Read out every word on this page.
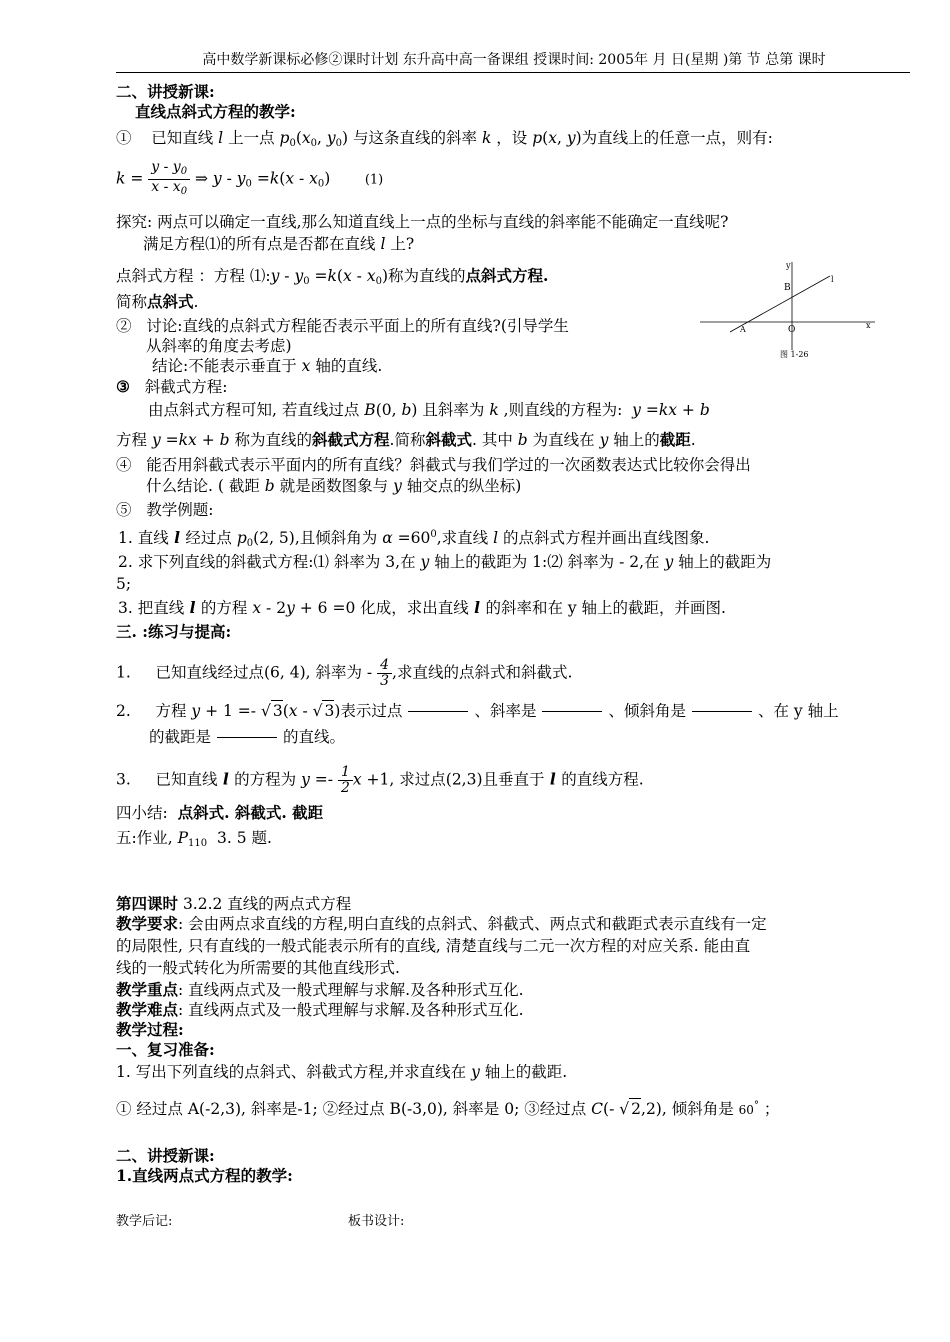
高中数学新课标必修②课时计划 东升高中高一备课组 授课时间: 2005年 月 日(星期 )第 节 总第 课时
二、讲授新课:
直线点斜式方程的教学:
① 已知直线 l 上一点 $p_0(x_0$, $y_0$) 与这条直线的斜率 k ，设 p(x, y)为直线上的任意一点，则有:
$k = \frac{y - y_0}{x - x_0}$ ⇒ $y - y_0 =k(x - x_0)$       (1)
探究: 两点可以确定一直线,那么知道直线上一点的坐标与直线的斜率能不能确定一直线呢?
满足方程⑴的所有点是否都在直线 l 上?
点斜式方程 ：方程 ⑴:y - $y_0 =k(x - x_0)$称为直线的点斜式方程.
简称点斜式.
y
B
l
A	O	x
图 1-26
② 讨论:直线的点斜式方程能否表示平面上的所有直线?(引导学生
从斜率的角度去考虑)
结论:不能表示垂直于 x 轴的直线.
③ 斜截式方程:
由点斜式方程可知, 若直线过点 B(0, b) 且斜率为 k ,则直线的方程为: y =kx + b
方程 y =kx + b 称为直线的斜截式方程.简称斜截式. 其中 b 为直线在 y 轴上的截距.
④ 能否用斜截式表示平面内的所有直线？斜截式与我们学过的一次函数表达式比较你会得出
什么结论. ( 截距 b 就是函数图象与 y 轴交点的纵坐标)
⑤ 教学例题:
1. 直线 l 经过点 $p_0(2$, 5),且倾斜角为 $\alpha =60^0$,求直线 l 的点斜式方程并画出直线图象.
2. 求下列直线的斜截式方程:⑴ 斜率为 3,在 y 轴上的截距为 1:⑵ 斜率为 - 2,在 y 轴上的截距为
5;
3. 把直线 l 的方程 x - 2y + 6 =0 化成，求出直线 l 的斜率和在 y 轴上的截距，并画图.
三. :练习与提高:
1.     已知直线经过点(6, 4), 斜率为 - $\frac{4}{3}$ ,求直线的点斜式和斜截式.
2.     方程 y + 1 =- √ 3(x - √ 3)表示过点	、斜率是	、倾斜角是	、在 y 轴上
的截距是	的直线。
3.     已知直线 l 的方程为 $y =- \frac{1}{2}$ x +1, 求过点(2,3)且垂直于 l 的直线方程.
四小结: 点斜式. 斜截式. 截距
五:作业, $P_{110}$ 3. 5 题.
第四课时 3.2.2 直线的两点式方程
教学要求: 会由两点求直线的方程,明白直线的点斜式、斜截式、两点式和截距式表示直线有一定
的局限性, 只有直线的一般式能表示所有的直线, 清楚直线与二元一次方程的对应关系. 能由直
线的一般式转化为所需要的其他直线形式.
教学重点: 直线两点式及一般式理解与求解.及各种形式互化.
教学难点: 直线两点式及一般式理解与求解.及各种形式互化.
教学过程:
一、复习准备:
1. 写出下列直线的点斜式、斜截式方程,并求直线在 y 轴上的截距.
① 经过点 A(-2,3), 斜率是-1; ②经过点 B(-3,0), 斜率是 0; ③经过点 C(- √ 2,2), 倾斜角是 60° ；
二、讲授新课:
1.直线两点式方程的教学:
教学后记:	板书设计:
